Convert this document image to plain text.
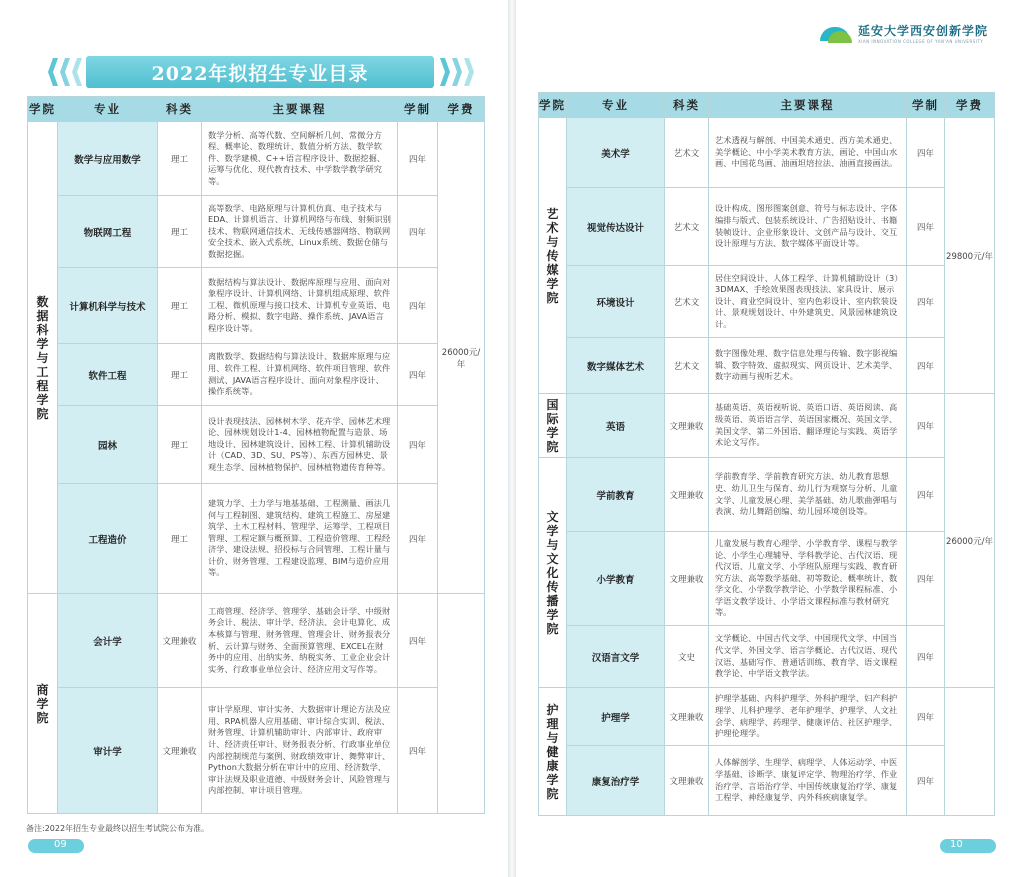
2022年拟招生专业目录
延安大学西安创新学院
XIAN INNOVATION COLLEGE OF YAN'AN UNIVERSITY
学院	专业	科类	主要课程	学制	学费
数据科学与工程学院	数学与应用数学	理工	数学分析、高等代数、空间解析几何、常微分方程、概率论、数理统计、数值分析方法、数学软件、数学建模、C++语言程序设计、数据挖掘、运筹与优化、现代教育技术、中学数学教学研究等。	四年	26000元/年
	物联网工程	理工	高等数学、电路原理与计算机仿真、电子技术与EDA、计算机语言、计算机网络与布线、射频识别技术、物联网通信技术、无线传感器网络、物联网安全技术、嵌入式系统、Linux系统、数据仓储与数据挖掘。	四年	
	计算机科学与技术	理工	数据结构与算法设计、数据库原理与应用、面向对象程序设计、计算机网络、计算机组成原理、软件工程、微机原理与接口技术、计算机专业英语、电路分析、模拟、数字电路、操作系统、JAVA语言程序设计等。	四年	
	软件工程	理工	离散数学、数据结构与算法设计、数据库原理与应用、软件工程、计算机网络、软件项目管理、软件测试、JAVA语言程序设计、面向对象程序设计、操作系统等。	四年	
	园林	理工	设计表现技法、园林树木学、花卉学、园林艺术理论、园林规划设计1-4、园林植物配置与造景、场地设计、园林建筑设计、园林工程、计算机辅助设计（CAD、3D、SU、PS等）、东西方园林史、景观生态学、园林植物保护、园林植物遗传育种等。	四年	
	工程造价	理工	建筑力学、土力学与地基基础、工程测量、画法几何与工程制图、建筑结构、建筑工程施工、房屋建筑学、土木工程材料、管理学、运筹学、工程项目管理、工程定额与概预算、工程造价管理、工程经济学、建设法规、招投标与合同管理、工程计量与计价、财务管理、工程建设监理、BIM与造价应用等。	四年	
商学院	会计学	文理兼收	工商管理、经济学、管理学、基础会计学、中级财务会计、税法、审计学、经济法、会计电算化、成本核算与管理、财务管理、管理会计、财务报表分析、云计算与财务、全面预算管理、EXCEL在财务中的应用、出纳实务、纳税实务、工业企业会计实务、行政事业单位会计、经济应用文写作等。	四年	
	审计学	文理兼收	审计学原理、审计实务、大数据审计理论方法及应用、RPA机器人应用基础、审计综合实训、税法、财务管理、计算机辅助审计、内部审计、政府审计、经济责任审计、财务报表分析、行政事业单位内部控制规范与案例、财政绩效审计、舞弊审计、Python大数据分析在审计中的应用、经济数学、审计法规及职业道德、中级财务会计、风险管理与内部控制、审计项目管理。	四年	
学院	专业	科类	主要课程	学制	学费
艺术与传媒学院	美术学	艺术文	艺术透视与解剖、中国美术通史、西方美术通史、美学概论、中小学美术教育方法、画论、中国山水画、中国花鸟画、油画坦培拉法、油画直接画法。	四年	29800元/年
	视觉传达设计	艺术文	设计构成、图形图案创意、符号与标志设计、字体编排与版式、包装系统设计、广告招贴设计、书籍装帧设计、企业形象设计、文创产品与设计、交互设计原理与方法、数字媒体平面设计等。	四年	
	环境设计	艺术文	居住空间设计、人体工程学、计算机辅助设计（3）3DMAX、手绘效果图表现技法、家具设计、展示设计、商业空间设计、室内色彩设计、室内软装设计、景观规划设计、中外建筑史、风景园林建筑设计。	四年	
	数字媒体艺术	艺术文	数字图像处理、数字信息处理与传输、数字影视编辑、数字特效、虚拟现实、网页设计、艺术美学、数字动画与视听艺术。	四年	
国际学院	英语	文理兼收	基础英语、英语视听说、英语口语、英语阅读、高级英语、英语语言学、英语国家概况、英国文学、美国文学、第二外国语、翻译理论与实践、英语学术论文写作。	四年	26000元/年
文学与文化传播学院	学前教育	文理兼收	学前教育学、学前教育研究方法、幼儿教育思想史、幼儿卫生与保育、幼儿行为观察与分析、儿童文学、儿童发展心理、美学基础、幼儿歌曲弹唱与表演、幼儿舞蹈创编、幼儿园环境创设等。	四年	
	小学教育	文理兼收	儿童发展与教育心理学、小学教育学、课程与教学论、小学生心理辅导、学科教学论、古代汉语、现代汉语、儿童文学、小学班队原理与实践、教育研究方法、高等数学基础、初等数论、概率统计、数学文化、小学数学教学论、小学数学课程标准、小学语文教学设计、小学语文课程标准与教材研究等。	四年	
	汉语言文学	文史	文学概论、中国古代文学、中国现代文学、中国当代文学、外国文学、语言学概论、古代汉语、现代汉语、基础写作、普通话训练、教育学、语文课程教学论、中学语文教学法。	四年	
护理与健康学院	护理学	文理兼收	护理学基础、内科护理学、外科护理学、妇产科护理学、儿科护理学、老年护理学、护理学、人文社会学、病理学、药理学、健康评估、社区护理学、护理伦理学。	四年	
	康复治疗学	文理兼收	人体解剖学、生理学、病理学、人体运动学、中医学基础、诊断学、康复评定学、物理治疗学、作业治疗学、言语治疗学、中国传统康复治疗学、康复工程学、神经康复学、内外科疾病康复学。	四年	
备注:2022年招生专业最终以招生考试院公布为准。
09	10
